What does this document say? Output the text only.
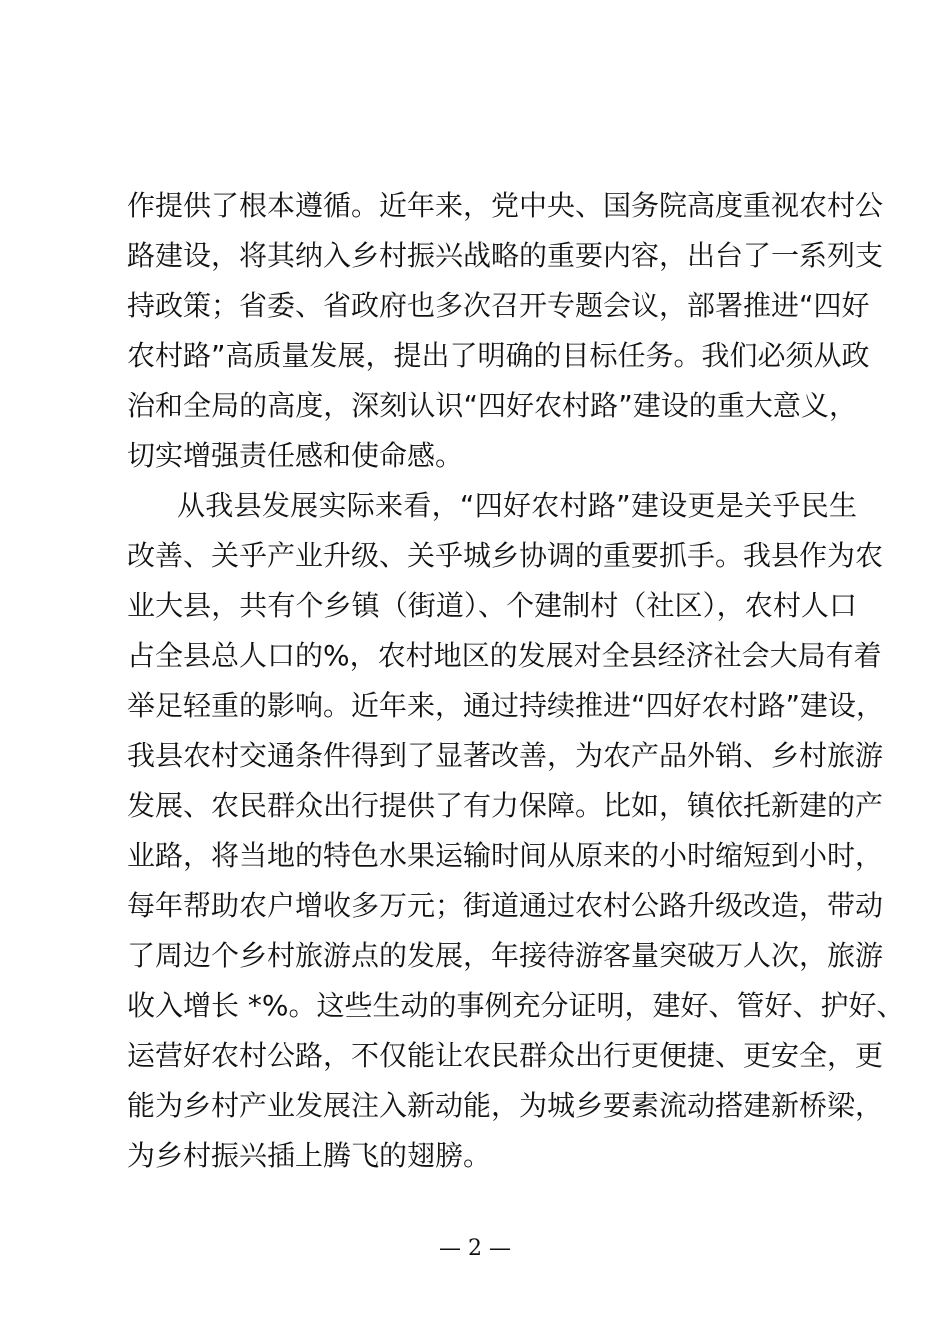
作提供了根本遵循。近年来，党中央、国务院高度重视农村公
路建设，将其纳入乡村振兴战略的重要内容，出台了一系列支
持政策；省委、省政府也多次召开专题会议，部署推进“四好
农村路”高质量发展，提出了明确的目标任务。我们必须从政
治和全局的高度，深刻认识“四好农村路”建设的重大意义，
切实增强责任感和使命感。
从我县发展实际来看，“四好农村路”建设更是关乎民生
改善、关乎产业升级、关乎城乡协调的重要抓手。我县作为农
业大县，共有个乡镇（街道）、个建制村（社区），农村人口
占全县总人口的%，农村地区的发展对全县经济社会大局有着
举足轻重的影响。近年来，通过持续推进“四好农村路”建设，
我县农村交通条件得到了显著改善，为农产品外销、乡村旅游
发展、农民群众出行提供了有力保障。比如，镇依托新建的产
业路，将当地的特色水果运输时间从原来的小时缩短到小时，
每年帮助农户增收多万元；街道通过农村公路升级改造，带动
了周边个乡村旅游点的发展，年接待游客量突破万人次，旅游
收入增长 *%。这些生动的事例充分证明，建好、管好、护好、
运营好农村公路，不仅能让农民群众出行更便捷、更安全，更
能为乡村产业发展注入新动能，为城乡要素流动搭建新桥梁，
为乡村振兴插上腾飞的翅膀。
— 2 —
